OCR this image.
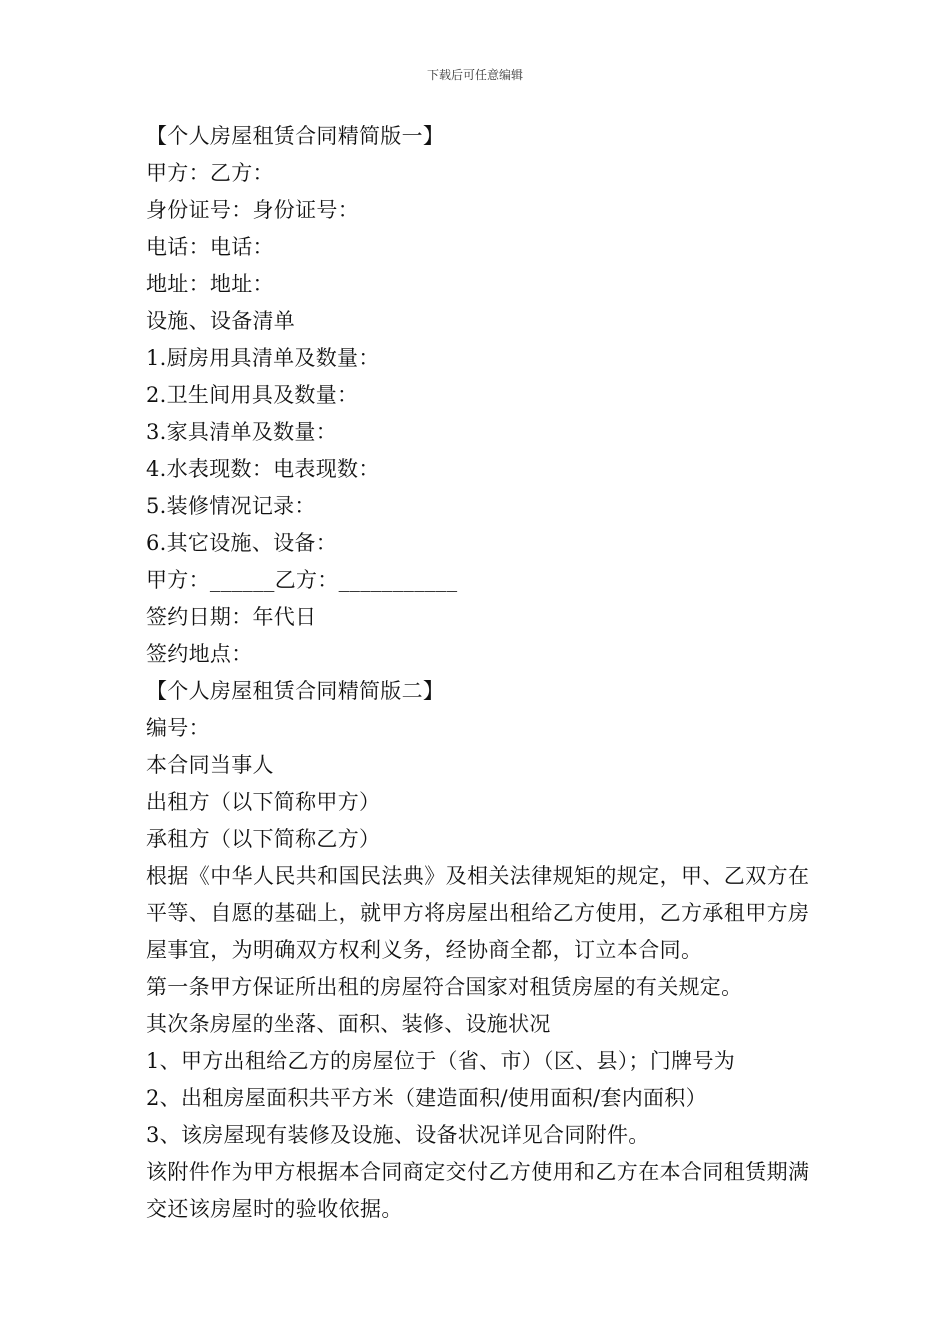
下载后可任意编辑
【个人房屋租赁合同精简版一】
甲方：乙方：
身份证号：身份证号：
电话：电话：
地址：地址：
设施、设备清单
1.厨房用具清单及数量：
2.卫生间用具及数量：
3.家具清单及数量：
4.水表现数：电表现数：
5.装修情况记录：
6.其它设施、设备：
甲方：______乙方：___________
签约日期：年代日
签约地点：
【个人房屋租赁合同精简版二】
编号：
本合同当事人
出租方（以下简称甲方）
承租方（以下简称乙方）
根据《中华人民共和国民法典》及相关法律规矩的规定，甲、乙双方在平等、自愿的基础上，就甲方将房屋出租给乙方使用，乙方承租甲方房屋事宜，为明确双方权利义务，经协商全都，订立本合同。
第一条甲方保证所出租的房屋符合国家对租赁房屋的有关规定。
其次条房屋的坐落、面积、装修、设施状况
1、甲方出租给乙方的房屋位于（省、市）（区、县）；门牌号为
2、出租房屋面积共平方米（建造面积/使用面积/套内面积）
3、该房屋现有装修及设施、设备状况详见合同附件。
该附件作为甲方根据本合同商定交付乙方使用和乙方在本合同租赁期满交还该房屋时的验收依据。
